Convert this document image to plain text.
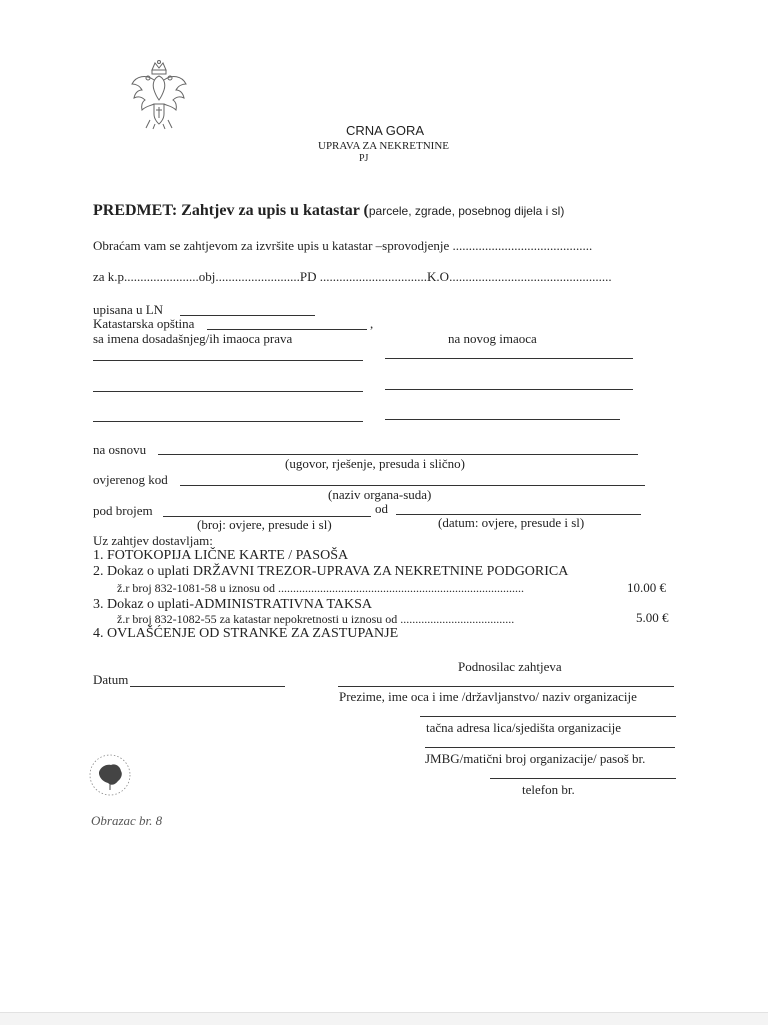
CRNA GORA
UPRAVA ZA NEKRETNINE
PJ
PREDMET: Zahtjev za upis u katastar (parcele, zgrade, posebnog dijela i sl)
Obraćam vam se zahtjevom za izvršite upis u katastar –sprovodjenje ...........................................
za k.p.......................obj..........................PD .................................K.O..................................................
upisana u LN
Katastarska opština	,
sa imena dosadašnjeg/ih imaoca prava	na novog imaoca
na osnovu
(ugovor, rješenje, presuda i slično)
ovjerenog kod
(naziv organa-suda)
pod brojem	od
(broj: ovjere, presude i sl)	(datum: ovjere, presude i sl)
Uz zahtjev dostavljam:
1. FOTOKOPIJA LIČNE KARTE / PASOŠA
2. Dokaz o uplati DRŽAVNI TREZOR-UPRAVA ZA NEKRETNINE PODGORICA
ž.r broj 832-1081-58 u iznosu od ..................................................................................	10.00 €
3. Dokaz o uplati-ADMINISTRATIVNA TAKSA
ž.r broj 832-1082-55 za katastar nepokretnosti u iznosu od ......................................	5.00 €
4. OVLAŠĆENJE OD STRANKE ZA ZASTUPANJE
Podnosilac zahtjeva
Datum
Prezime, ime oca i ime /državljanstvo/ naziv organizacije
tačna adresa lica/sjedišta organizacije
JMBG/matični broj organizacije/ pasoš br.
telefon br.
Obrazac br. 8
